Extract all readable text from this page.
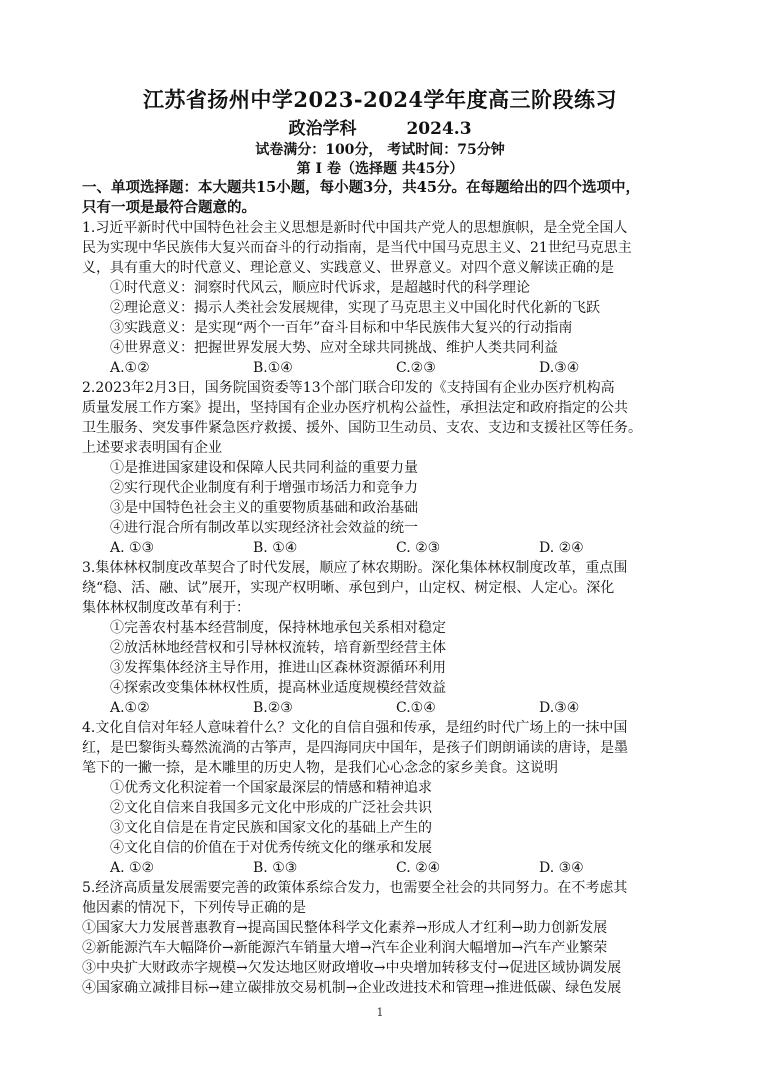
江苏省扬州中学2023-2024学年度高三阶段练习
政治学科	2024.3
试卷满分：100分， 考试时间：75分钟
第 I 卷（选择题 共45分）
一、单项选择题：本大题共15小题，每小题3分，共45分。在每题给出的四个选项中，
只有一项是最符合题意的。
1.习近平新时代中国特色社会主义思想是新时代中国共产党人的思想旗帜，是全党全国人
民为实现中华民族伟大复兴而奋斗的行动指南，是当代中国马克思主义、21世纪马克思主
义，具有重大的时代意义、理论意义、实践意义、世界意义。对四个意义解读正确的是
①时代意义：洞察时代风云，顺应时代诉求，是超越时代的科学理论
②理论意义：揭示人类社会发展规律，实现了马克思主义中国化时代化新的飞跃
③实践意义：是实现“两个一百年”奋斗目标和中华民族伟大复兴的行动指南
④世界意义：把握世界发展大势、应对全球共同挑战、维护人类共同利益
A.①②	B.①④	C.②③	D.③④
2.2023年2月3日，国务院国资委等13个部门联合印发的《支持国有企业办医疗机构高
质量发展工作方案》提出，坚持国有企业办医疗机构公益性，承担法定和政府指定的公共
卫生服务、突发事件紧急医疗救援、援外、国防卫生动员、支农、支边和支援社区等任务。
上述要求表明国有企业
①是推进国家建设和保障人民共同利益的重要力量
②实行现代企业制度有利于增强市场活力和竞争力
③是中国特色社会主义的重要物质基础和政治基础
④进行混合所有制改革以实现经济社会效益的统一
A. ①③	B. ①④	C. ②③	D. ②④
3.集体林权制度改革契合了时代发展，顺应了林农期盼。深化集体林权制度改革，重点围
绕“稳、活、融、试”展开，实现产权明晰、承包到户，山定权、树定根、人定心。深化
集体林权制度改革有利于：
①完善农村基本经营制度，保持林地承包关系相对稳定
②放活林地经营权和引导林权流转，培育新型经营主体
③发挥集体经济主导作用，推进山区森林资源循环利用
④探索改变集体林权性质，提高林业适度规模经营效益
A.①②	B.②③	C.①④	D.③④
4.文化自信对年轻人意味着什么？文化的自信自强和传承，是纽约时代广场上的一抹中国
红，是巴黎街头蓦然流淌的古筝声，是四海同庆中国年，是孩子们朗朗诵读的唐诗，是墨
笔下的一撇一捺，是木雕里的历史人物，是我们心心念念的家乡美食。这说明
①优秀文化积淀着一个国家最深层的情感和精神追求
②文化自信来自我国多元文化中形成的广泛社会共识
③文化自信是在肯定民族和国家文化的基础上产生的
④文化自信的价值在于对优秀传统文化的继承和发展
A. ①②	B. ①③	C. ②④	D. ③④
5.经济高质量发展需要完善的政策体系综合发力，也需要全社会的共同努力。在不考虑其
他因素的情况下，下列传导正确的是
①国家大力发展普惠教育→提高国民整体科学文化素养→形成人才红利→助力创新发展
②新能源汽车大幅降价→新能源汽车销量大增→汽车企业利润大幅增加→汽车产业繁荣
③中央扩大财政赤字规模→欠发达地区财政增收→中央增加转移支付→促进区域协调发展
④国家确立减排目标→建立碳排放交易机制→企业改进技术和管理→推进低碳、绿色发展
1
